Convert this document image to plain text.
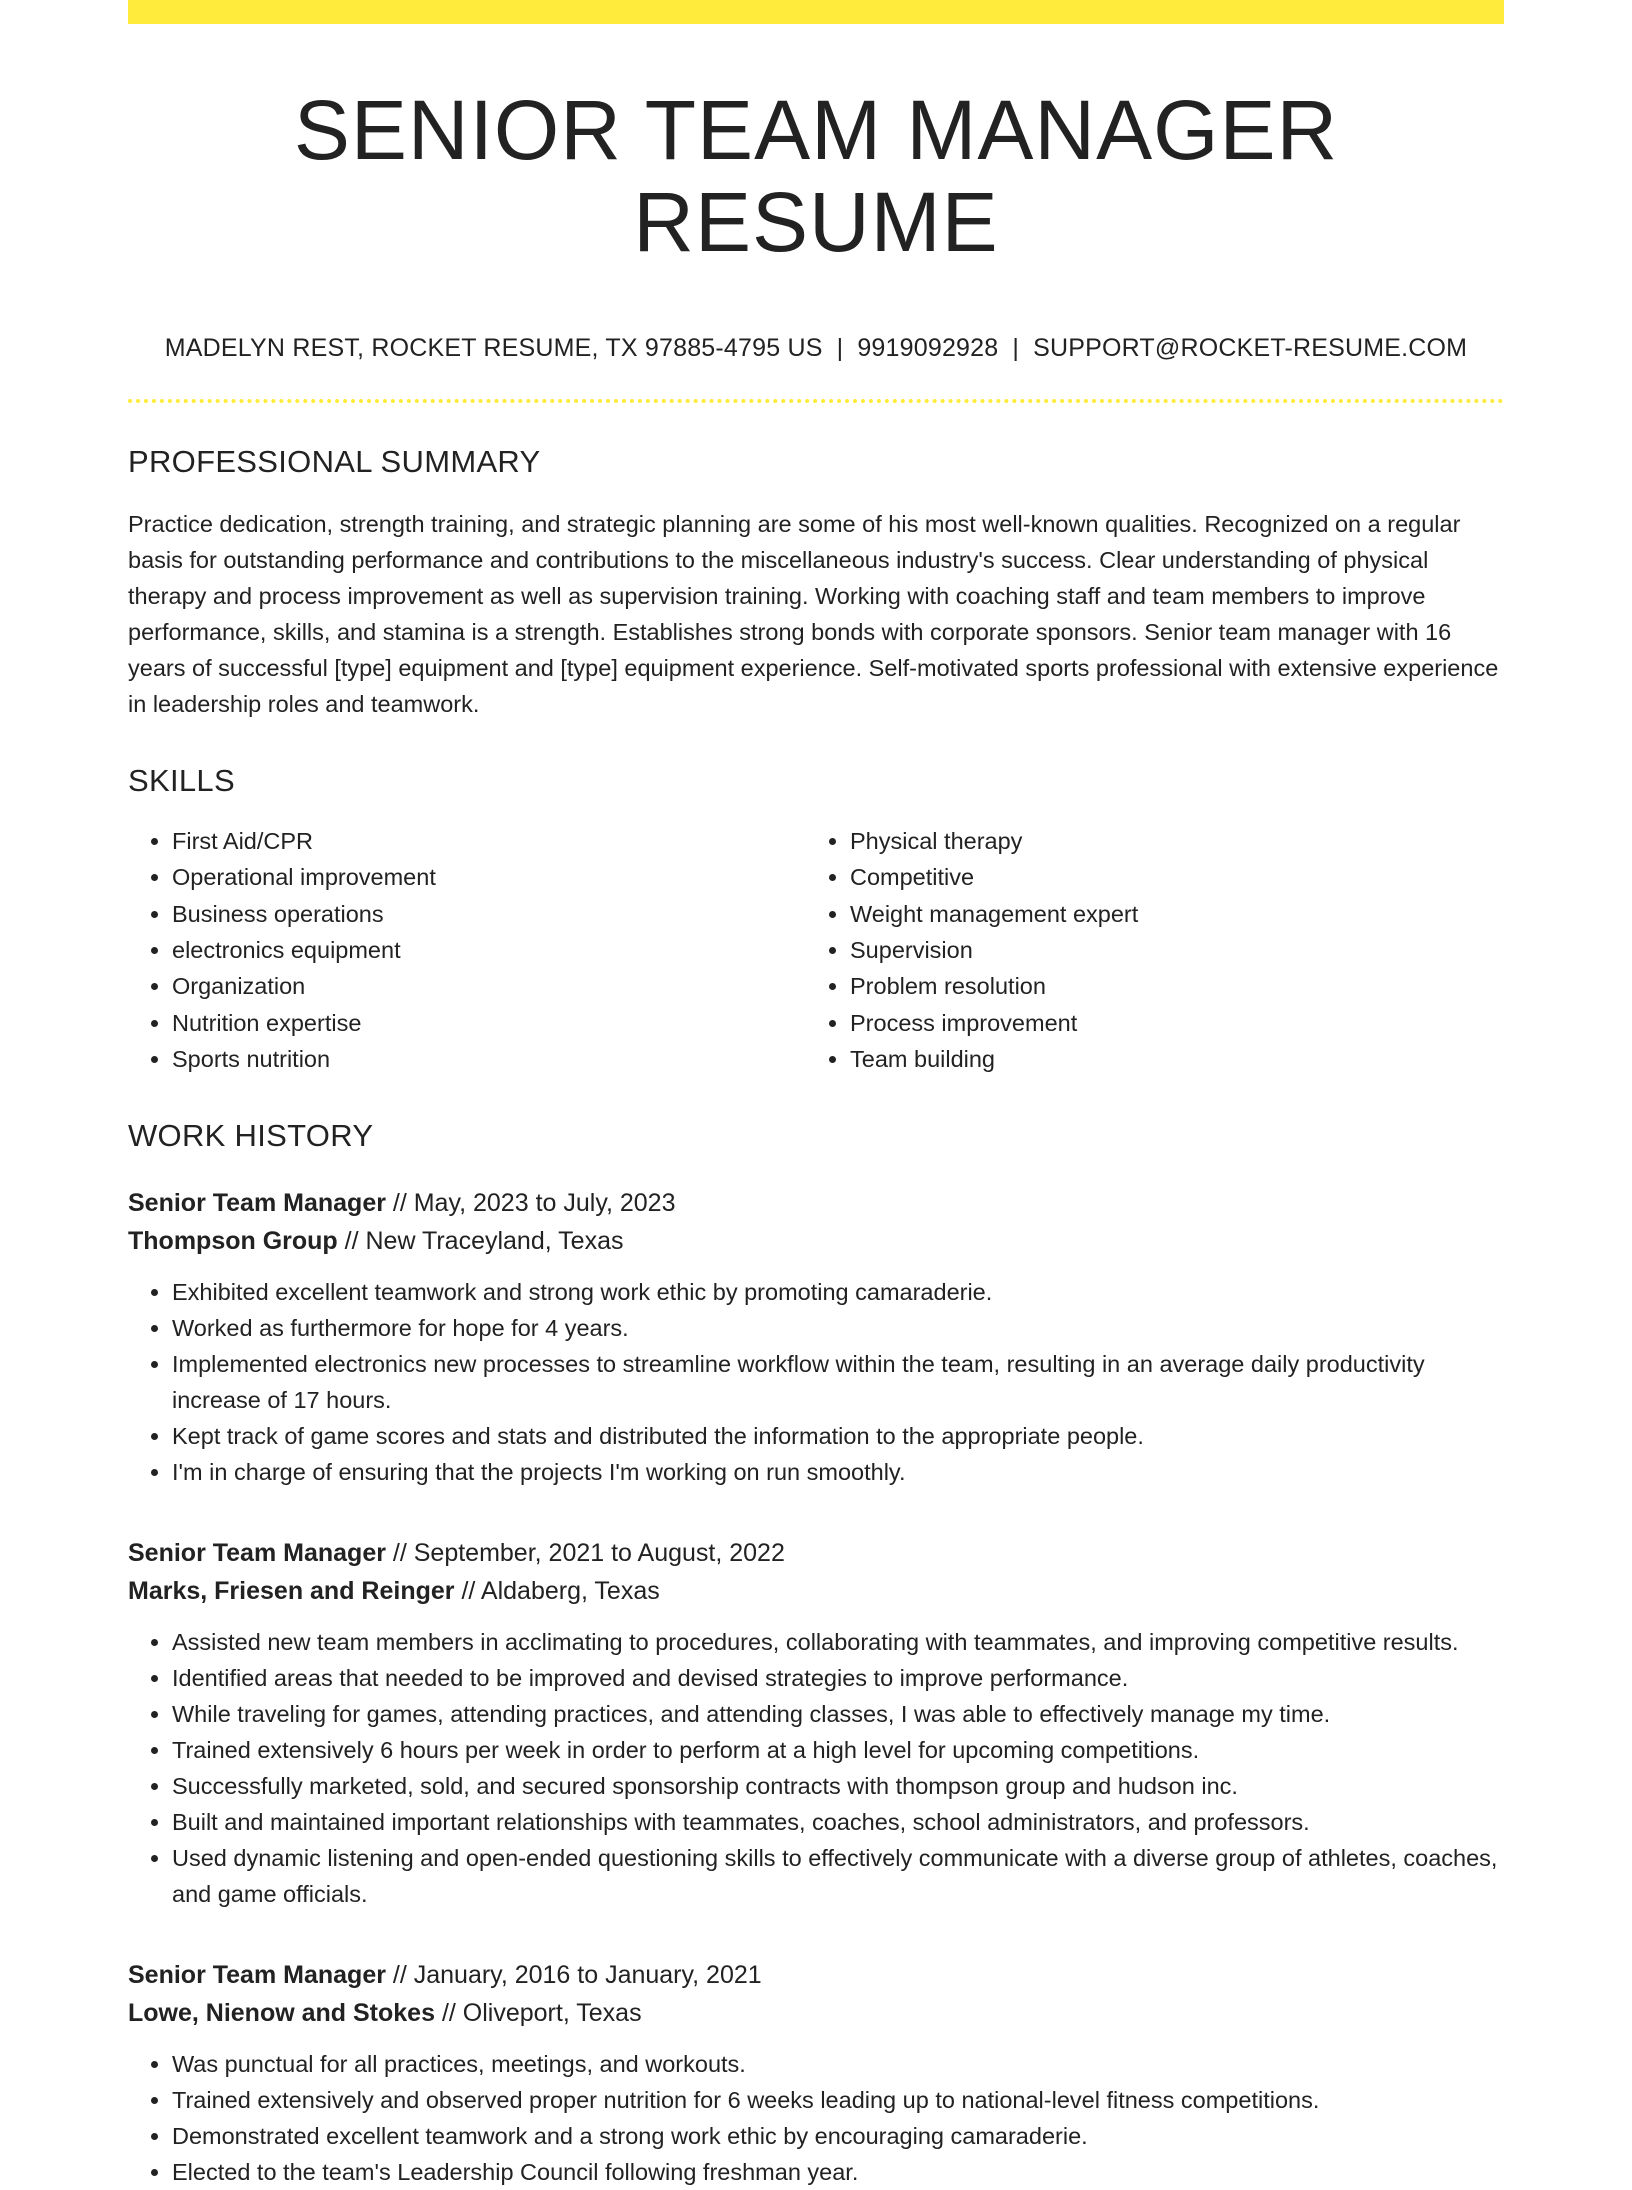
SENIOR TEAM MANAGER RESUME
MADELYN REST, ROCKET RESUME, TX 97885-4795 US | 9919092928 | SUPPORT@ROCKET-RESUME.COM
PROFESSIONAL SUMMARY

Practice dedication, strength training, and strategic planning are some of his most well-known qualities. Recognized on a regular basis for outstanding performance and contributions to the miscellaneous industry's success. Clear understanding of physical therapy and process improvement as well as supervision training. Working with coaching staff and team members to improve performance, skills, and stamina is a strength. Establishes strong bonds with corporate sponsors. Senior team manager with 16 years of successful [type] equipment and [type] equipment experience. Self-motivated sports professional with extensive experience in leadership roles and teamwork.

SKILLS
• First Aid/CPR
• Operational improvement
• Business operations
• electronics equipment
• Organization
• Nutrition expertise
• Sports nutrition
• Physical therapy
• Competitive
• Weight management expert
• Supervision
• Problem resolution
• Process improvement
• Team building
WORK HISTORY
Senior Team Manager // May, 2023 to July, 2023
Thompson Group // New Traceyland, Texas
• Exhibited excellent teamwork and strong work ethic by promoting camaraderie.
• Worked as furthermore for hope for 4 years.
• Implemented electronics new processes to streamline workflow within the team, resulting in an average daily productivity increase of 17 hours.
• Kept track of game scores and stats and distributed the information to the appropriate people.
• I'm in charge of ensuring that the projects I'm working on run smoothly.
Senior Team Manager // September, 2021 to August, 2022
Marks, Friesen and Reinger // Aldaberg, Texas
• Assisted new team members in acclimating to procedures, collaborating with teammates, and improving competitive results.
• Identified areas that needed to be improved and devised strategies to improve performance.
• While traveling for games, attending practices, and attending classes, I was able to effectively manage my time.
• Trained extensively 6 hours per week in order to perform at a high level for upcoming competitions.
• Successfully marketed, sold, and secured sponsorship contracts with thompson group and hudson inc.
• Built and maintained important relationships with teammates, coaches, school administrators, and professors.
• Used dynamic listening and open-ended questioning skills to effectively communicate with a diverse group of athletes, coaches, and game officials.
Senior Team Manager // January, 2016 to January, 2021
Lowe, Nienow and Stokes // Oliveport, Texas
• Was punctual for all practices, meetings, and workouts.
• Trained extensively and observed proper nutrition for 6 weeks leading up to national-level fitness competitions.
• Demonstrated excellent teamwork and a strong work ethic by encouraging camaraderie.
• Elected to the team's Leadership Council following freshman year.
